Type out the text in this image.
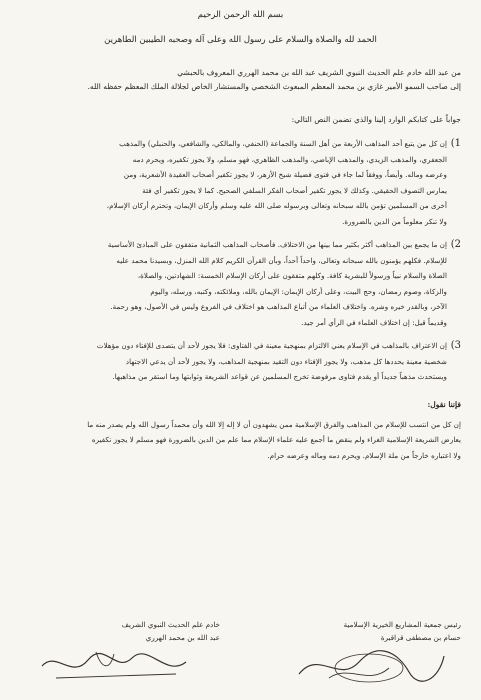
بسم الله الرحمن الرحيم
الحمد لله والصلاة والسلام على رسول الله وعلى آله وصحبه الطيبين الطاهرين

من عبد الله خادم علم الحديث النبوي الشريف عبد الله بن محمد الهرري المعروف بالحبشي

إلى صاحب السمو الأمير غازي بن محمد المعظم المبعوث الشخصي والمستشار الخاص لجلالة الملك المعظم حفظه الله.

جواباً على كتابكم الوارد إلينا والذي تضمن النص التالي:
1)

إن كل من يتبع أحد المذاهب الأربعة من أهل السنة والجماعة (الحنفي، والمالكي، والشافعي، والحنبلي) والمذهب

الجعفري، والمذهب الزيدي، والمذهب الإباضي، والمذهب الظاهري، فهو مسلم، ولا يجوز تكفيره، ويحرم دمه

وعرضه وماله. وأيضاً، ووفقاً لما جاء في فتوى فضيلة شيخ الأزهر، لا يجوز تكفير أصحاب العقيدة الأشعرية، ومن

يمارس التصوف الحقيقي. وكذلك لا يجوز تكفير أصحاب الفكر السلفي الصحيح. كما لا يجوز تكفير أي فئة

أخرى من المسلمين تؤمن بالله سبحانه وتعالى وبرسوله صلى الله عليه وسلم وأركان الإيمان، وتحترم أركان الإسلام،

ولا تنكر معلوماً من الدين بالضرورة.

2)

إن ما يجمع بين المذاهب أكثر بكثير مما بينها من الاختلاف. فأصحاب المذاهب الثمانية متفقون على المبادئ الأساسية

للإسلام. فكلهم يؤمنون بالله سبحانه وتعالى، واحداً أحداً، وبأن القرآن الكريم كلام الله المنزل، وبسيدنا محمد عليه

الصلاة والسلام نبياً ورسولاً للبشرية كافة. وكلهم متفقون على أركان الإسلام الخمسة: الشهادتين، والصلاة،

والزكاة، وصوم رمضان، وحج البيت، وعلى أركان الإيمان: الإيمان بالله، وملائكته، وكتبه، ورسله، واليوم

الآخر، وبالقدر خيره وشره. واختلاف العلماء من أتباع المذاهب هو اختلاف في الفروع وليس في الأصول، وهو رحمة.

وقديماً قيل: إن اختلاف العلماء في الرأي أمر جيد.

3)

إن الاعتراف بالمذاهب في الإسلام يعني الالتزام بمنهجية معينة في الفتاوى: فلا يجوز لأحد أن يتصدى للإفتاء دون مؤهلات

شخصية معينة يحددها كل مذهب، ولا يجوز الإفتاء دون التقيد بمنهجية المذاهب، ولا يجوز لأحد أن يدعي الاجتهاد

ويستحدث مذهباً جديداً أو يقدم فتاوى مرفوضة تخرج المسلمين عن قواعد الشريعة وثوابتها وما استقر من مذاهبها.

فإننا نقول:

إن كل من انتسب للإسلام من المذاهب والفرق الإسلامية ممن يشهدون أن لا إله إلا الله وأن محمداً رسول الله ولم يصدر منه ما

يعارض الشريعة الإسلامية الغراء ولم ينقض ما أجمع عليه علماء الإسلام مما علم من الدين بالضرورة فهو مسلم لا يجوز تكفيره

ولا اعتباره خارجاً من ملة الإسلام. ويحرم دمه وماله وعرضه حرام.

رئيس جمعية المشاريع الخيرية الإسلامية
حسام بن مصطفى قراقيرة
خادم علم الحديث النبوي الشريف
عبد الله بن محمد الهرري
